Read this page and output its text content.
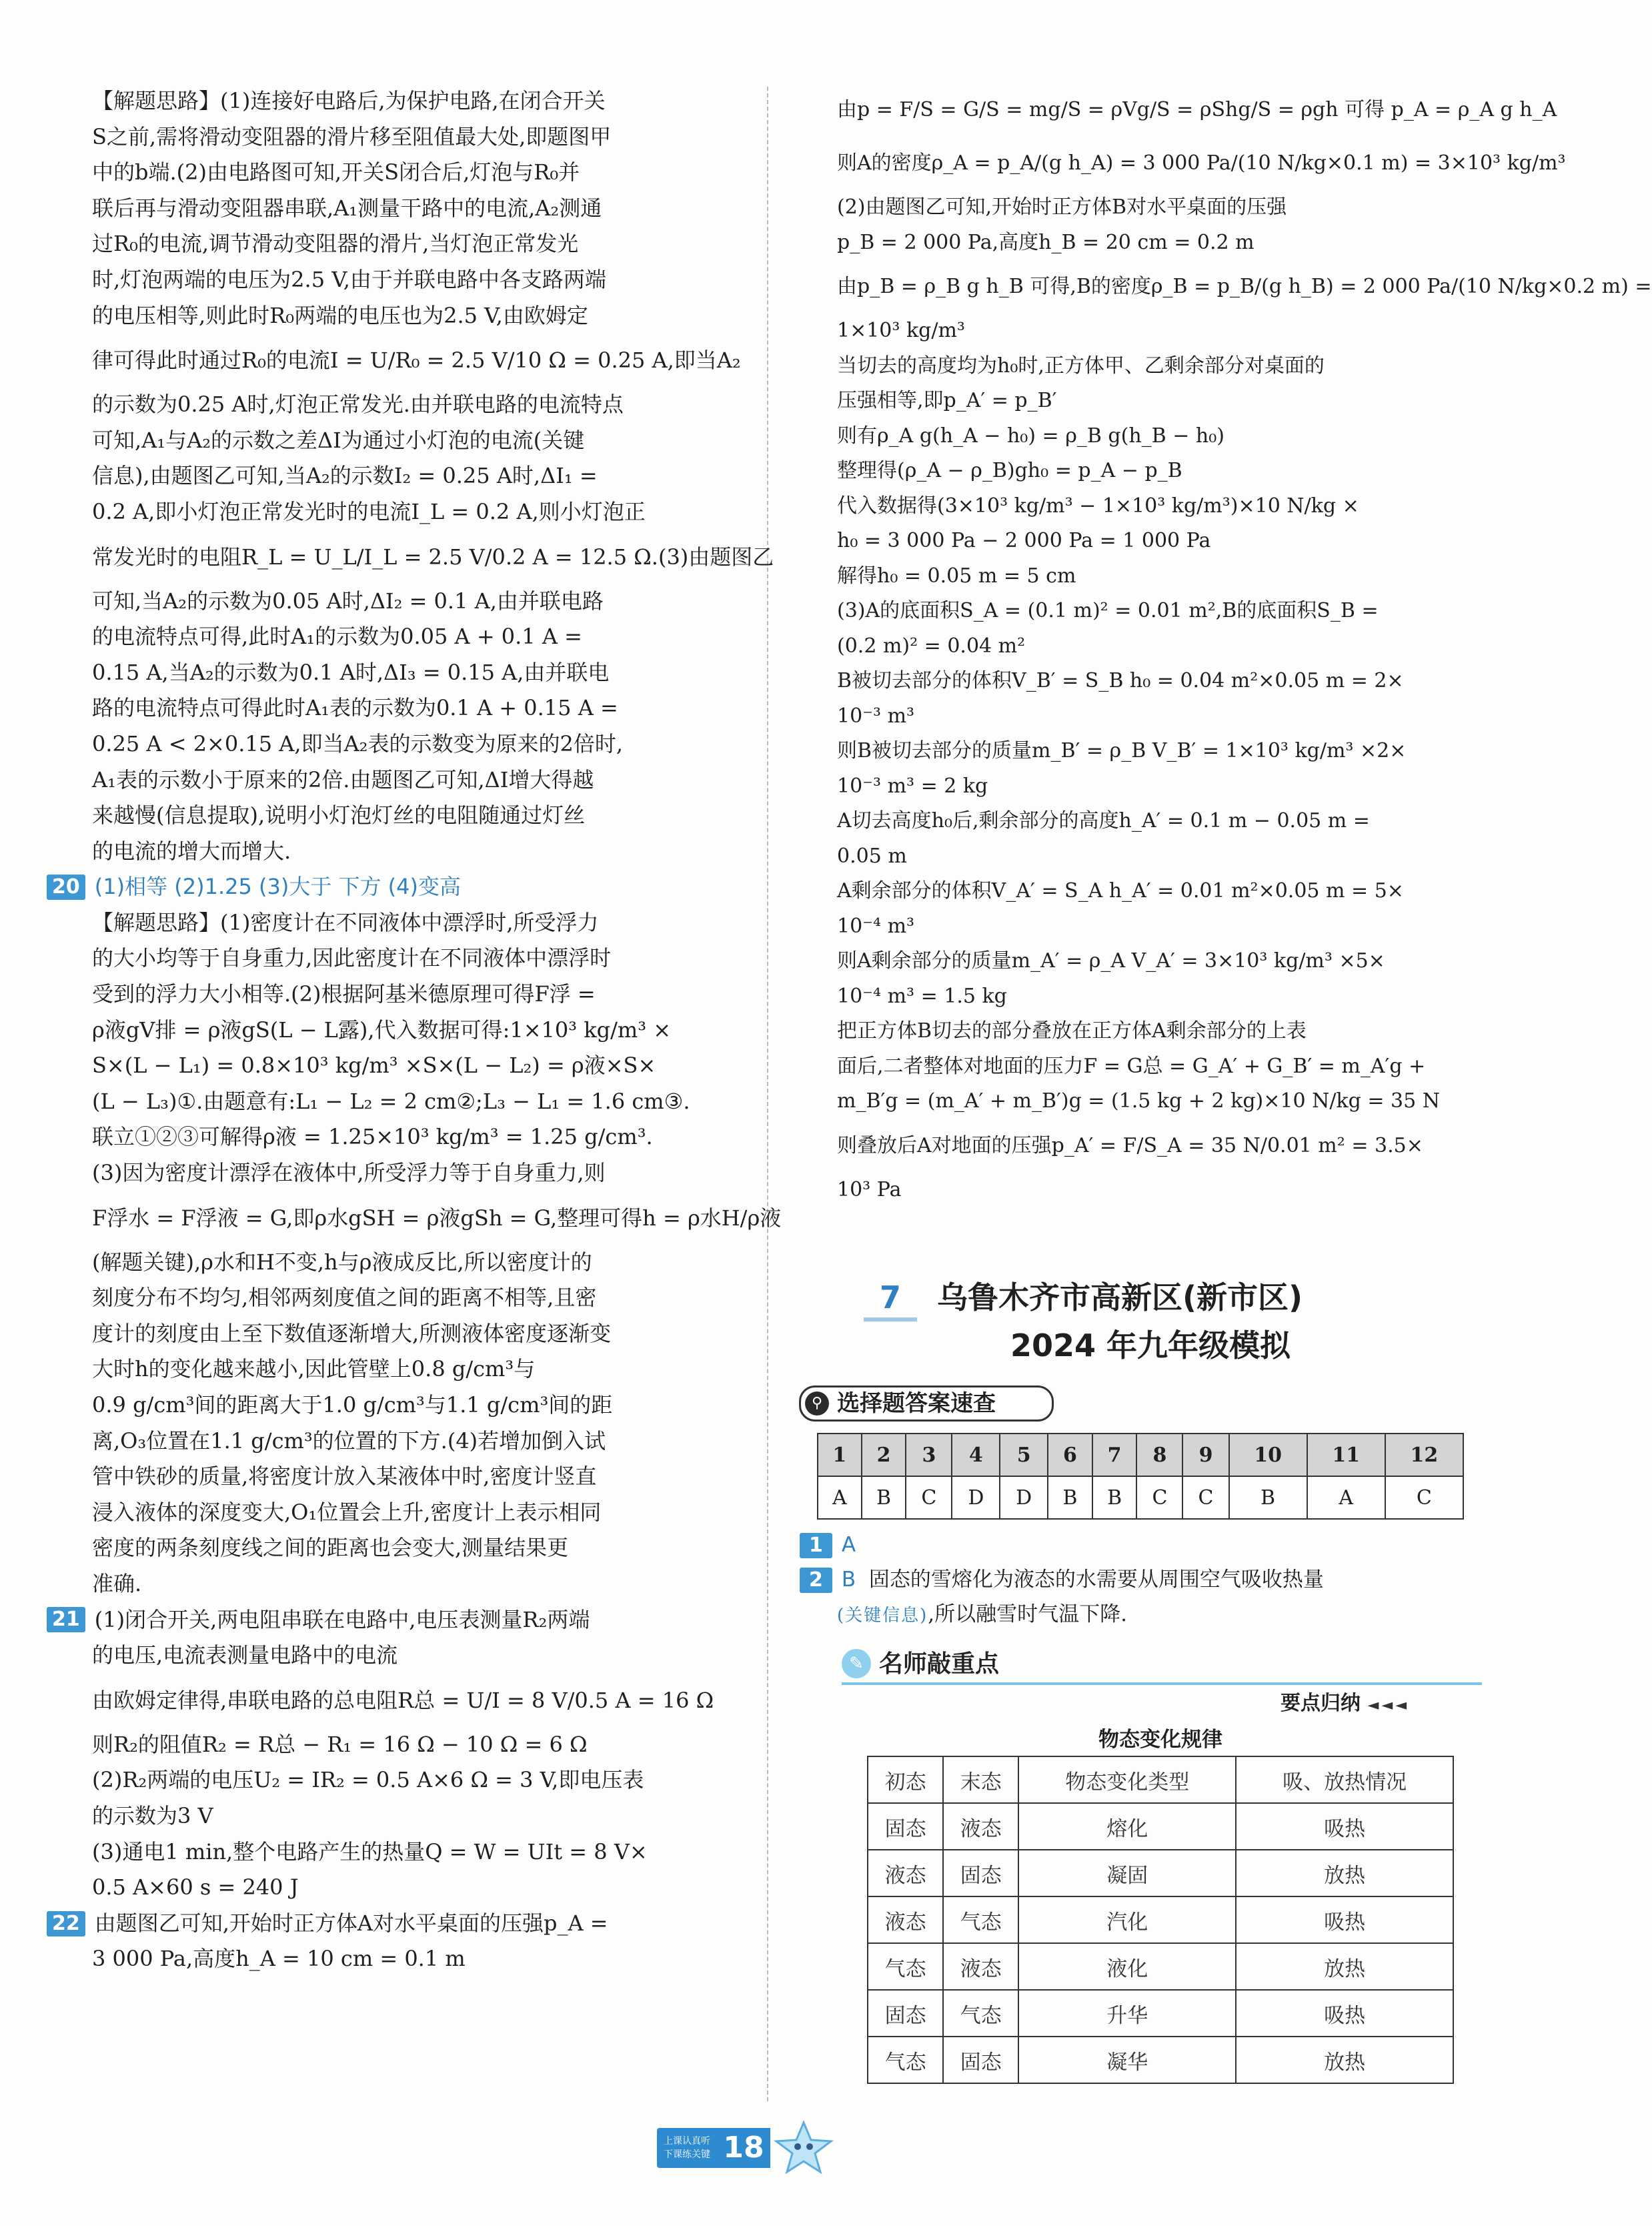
【解题思路】(1)连接好电路后,为保护电路,在闭合开关
S之前,需将滑动变阻器的滑片移至阻值最大处,即题图甲
中的b端.(2)由电路图可知,开关S闭合后,灯泡与R₀并
联后再与滑动变阻器串联,A₁测量干路中的电流,A₂测通
过R₀的电流,调节滑动变阻器的滑片,当灯泡正常发光
时,灯泡两端的电压为2.5 V,由于并联电路中各支路两端
的电压相等,则此时R₀两端的电压也为2.5 V,由欧姆定
律可得此时通过R₀的电流I = U/R₀ = 2.5 V/10 Ω = 0.25 A,即当A₂
的示数为0.25 A时,灯泡正常发光.由并联电路的电流特点
可知,A₁与A₂的示数之差ΔI为通过小灯泡的电流(关键
信息),由题图乙可知,当A₂的示数I₂ = 0.25 A时,ΔI₁ =
0.2 A,即小灯泡正常发光时的电流I_L = 0.2 A,则小灯泡正
常发光时的电阻R_L = U_L/I_L = 2.5 V/0.2 A = 12.5 Ω.(3)由题图乙
可知,当A₂的示数为0.05 A时,ΔI₂ = 0.1 A,由并联电路
的电流特点可得,此时A₁的示数为0.05 A + 0.1 A =
0.15 A,当A₂的示数为0.1 A时,ΔI₃ = 0.15 A,由并联电
路的电流特点可得此时A₁表的示数为0.1 A + 0.15 A =
0.25 A < 2×0.15 A,即当A₂表的示数变为原来的2倍时,
A₁表的示数小于原来的2倍.由题图乙可知,ΔI增大得越
来越慢(信息提取),说明小灯泡灯丝的电阻随通过灯丝
的电流的增大而增大.
20 (1)相等 (2)1.25 (3)大于 下方 (4)变高
【解题思路】(1)密度计在不同液体中漂浮时,所受浮力
的大小均等于自身重力,因此密度计在不同液体中漂浮时
受到的浮力大小相等.(2)根据阿基米德原理可得F浮 =
ρ液gV排 = ρ液gS(L − L露),代入数据可得:1×10³ kg/m³ ×
S×(L − L₁) = 0.8×10³ kg/m³ ×S×(L − L₂) = ρ液×S×
(L − L₃)①.由题意有:L₁ − L₂ = 2 cm②;L₃ − L₁ = 1.6 cm③.
联立①②③可解得ρ液 = 1.25×10³ kg/m³ = 1.25 g/cm³.
(3)因为密度计漂浮在液体中,所受浮力等于自身重力,则
F浮水 = F浮液 = G,即ρ水gSH = ρ液gSh = G,整理可得h = ρ水H/ρ液
(解题关键),ρ水和H不变,h与ρ液成反比,所以密度计的
刻度分布不均匀,相邻两刻度值之间的距离不相等,且密
度计的刻度由上至下数值逐渐增大,所测液体密度逐渐变
大时h的变化越来越小,因此管壁上0.8 g/cm³与
0.9 g/cm³间的距离大于1.0 g/cm³与1.1 g/cm³间的距
离,O₃位置在1.1 g/cm³的位置的下方.(4)若增加倒入试
管中铁砂的质量,将密度计放入某液体中时,密度计竖直
浸入液体的深度变大,O₁位置会上升,密度计上表示相同
密度的两条刻度线之间的距离也会变大,测量结果更
准确.
21 (1)闭合开关,两电阻串联在电路中,电压表测量R₂两端
的电压,电流表测量电路中的电流
由欧姆定律得,串联电路的总电阻R总 = U/I = 8 V/0.5 A = 16 Ω
则R₂的阻值R₂ = R总 − R₁ = 16 Ω − 10 Ω = 6 Ω
(2)R₂两端的电压U₂ = IR₂ = 0.5 A×6 Ω = 3 V,即电压表
的示数为3 V
(3)通电1 min,整个电路产生的热量Q = W = UIt = 8 V×
0.5 A×60 s = 240 J
22 由题图乙可知,开始时正方体A对水平桌面的压强p_A =
3 000 Pa,高度h_A = 10 cm = 0.1 m
由p = F/S = G/S = mg/S = ρVg/S = ρShg/S = ρgh 可得 p_A = ρ_A g h_A
则A的密度ρ_A = p_A/(g h_A) = 3 000 Pa/(10 N/kg×0.1 m) = 3×10³ kg/m³
(2)由题图乙可知,开始时正方体B对水平桌面的压强
p_B = 2 000 Pa,高度h_B = 20 cm = 0.2 m
由p_B = ρ_B g h_B 可得,B的密度ρ_B = p_B/(g h_B) = 2 000 Pa/(10 N/kg×0.2 m) =
1×10³ kg/m³
当切去的高度均为h₀时,正方体甲、乙剩余部分对桌面的
压强相等,即p_A′ = p_B′
则有ρ_A g(h_A − h₀) = ρ_B g(h_B − h₀)
整理得(ρ_A − ρ_B)gh₀ = p_A − p_B
代入数据得(3×10³ kg/m³ − 1×10³ kg/m³)×10 N/kg ×
h₀ = 3 000 Pa − 2 000 Pa = 1 000 Pa
解得h₀ = 0.05 m = 5 cm
(3)A的底面积S_A = (0.1 m)² = 0.01 m²,B的底面积S_B =
(0.2 m)² = 0.04 m²
B被切去部分的体积V_B′ = S_B h₀ = 0.04 m²×0.05 m = 2×
10⁻³ m³
则B被切去部分的质量m_B′ = ρ_B V_B′ = 1×10³ kg/m³ ×2×
10⁻³ m³ = 2 kg
A切去高度h₀后,剩余部分的高度h_A′ = 0.1 m − 0.05 m =
0.05 m
A剩余部分的体积V_A′ = S_A h_A′ = 0.01 m²×0.05 m = 5×
10⁻⁴ m³
则A剩余部分的质量m_A′ = ρ_A V_A′ = 3×10³ kg/m³ ×5×
10⁻⁴ m³ = 1.5 kg
把正方体B切去的部分叠放在正方体A剩余部分的上表
面后,二者整体对地面的压力F = G总 = G_A′ + G_B′ = m_A′g +
m_B′g = (m_A′ + m_B′)g = (1.5 kg + 2 kg)×10 N/kg = 35 N
则叠放后A对地面的压强p_A′ = F/S_A = 35 N/0.01 m² = 3.5×
10³ Pa
7	乌鲁木齐市高新区(新市区)
2024 年九年级模拟
⚲ 选择题答案速查
1	2	3	4	5	6	7	8	9	10	11	12
A	B	C	D	D	B	B	C	C	B	A	C
1 A
2 B 固态的雪熔化为液态的水需要从周围空气吸收热量
(关键信息),所以融雪时气温下降.
✎ 名师敲重点
要点归纳 ◄◄◄
物态变化规律
初态	末态	物态变化类型	吸、放热情况
固态	液态	熔化	吸热
液态	固态	凝固	放热
液态	气态	汽化	吸热
气态	液态	液化	放热
固态	气态	升华	吸热
气态	固态	凝华	放热
上课认真听
下课练关键 18
